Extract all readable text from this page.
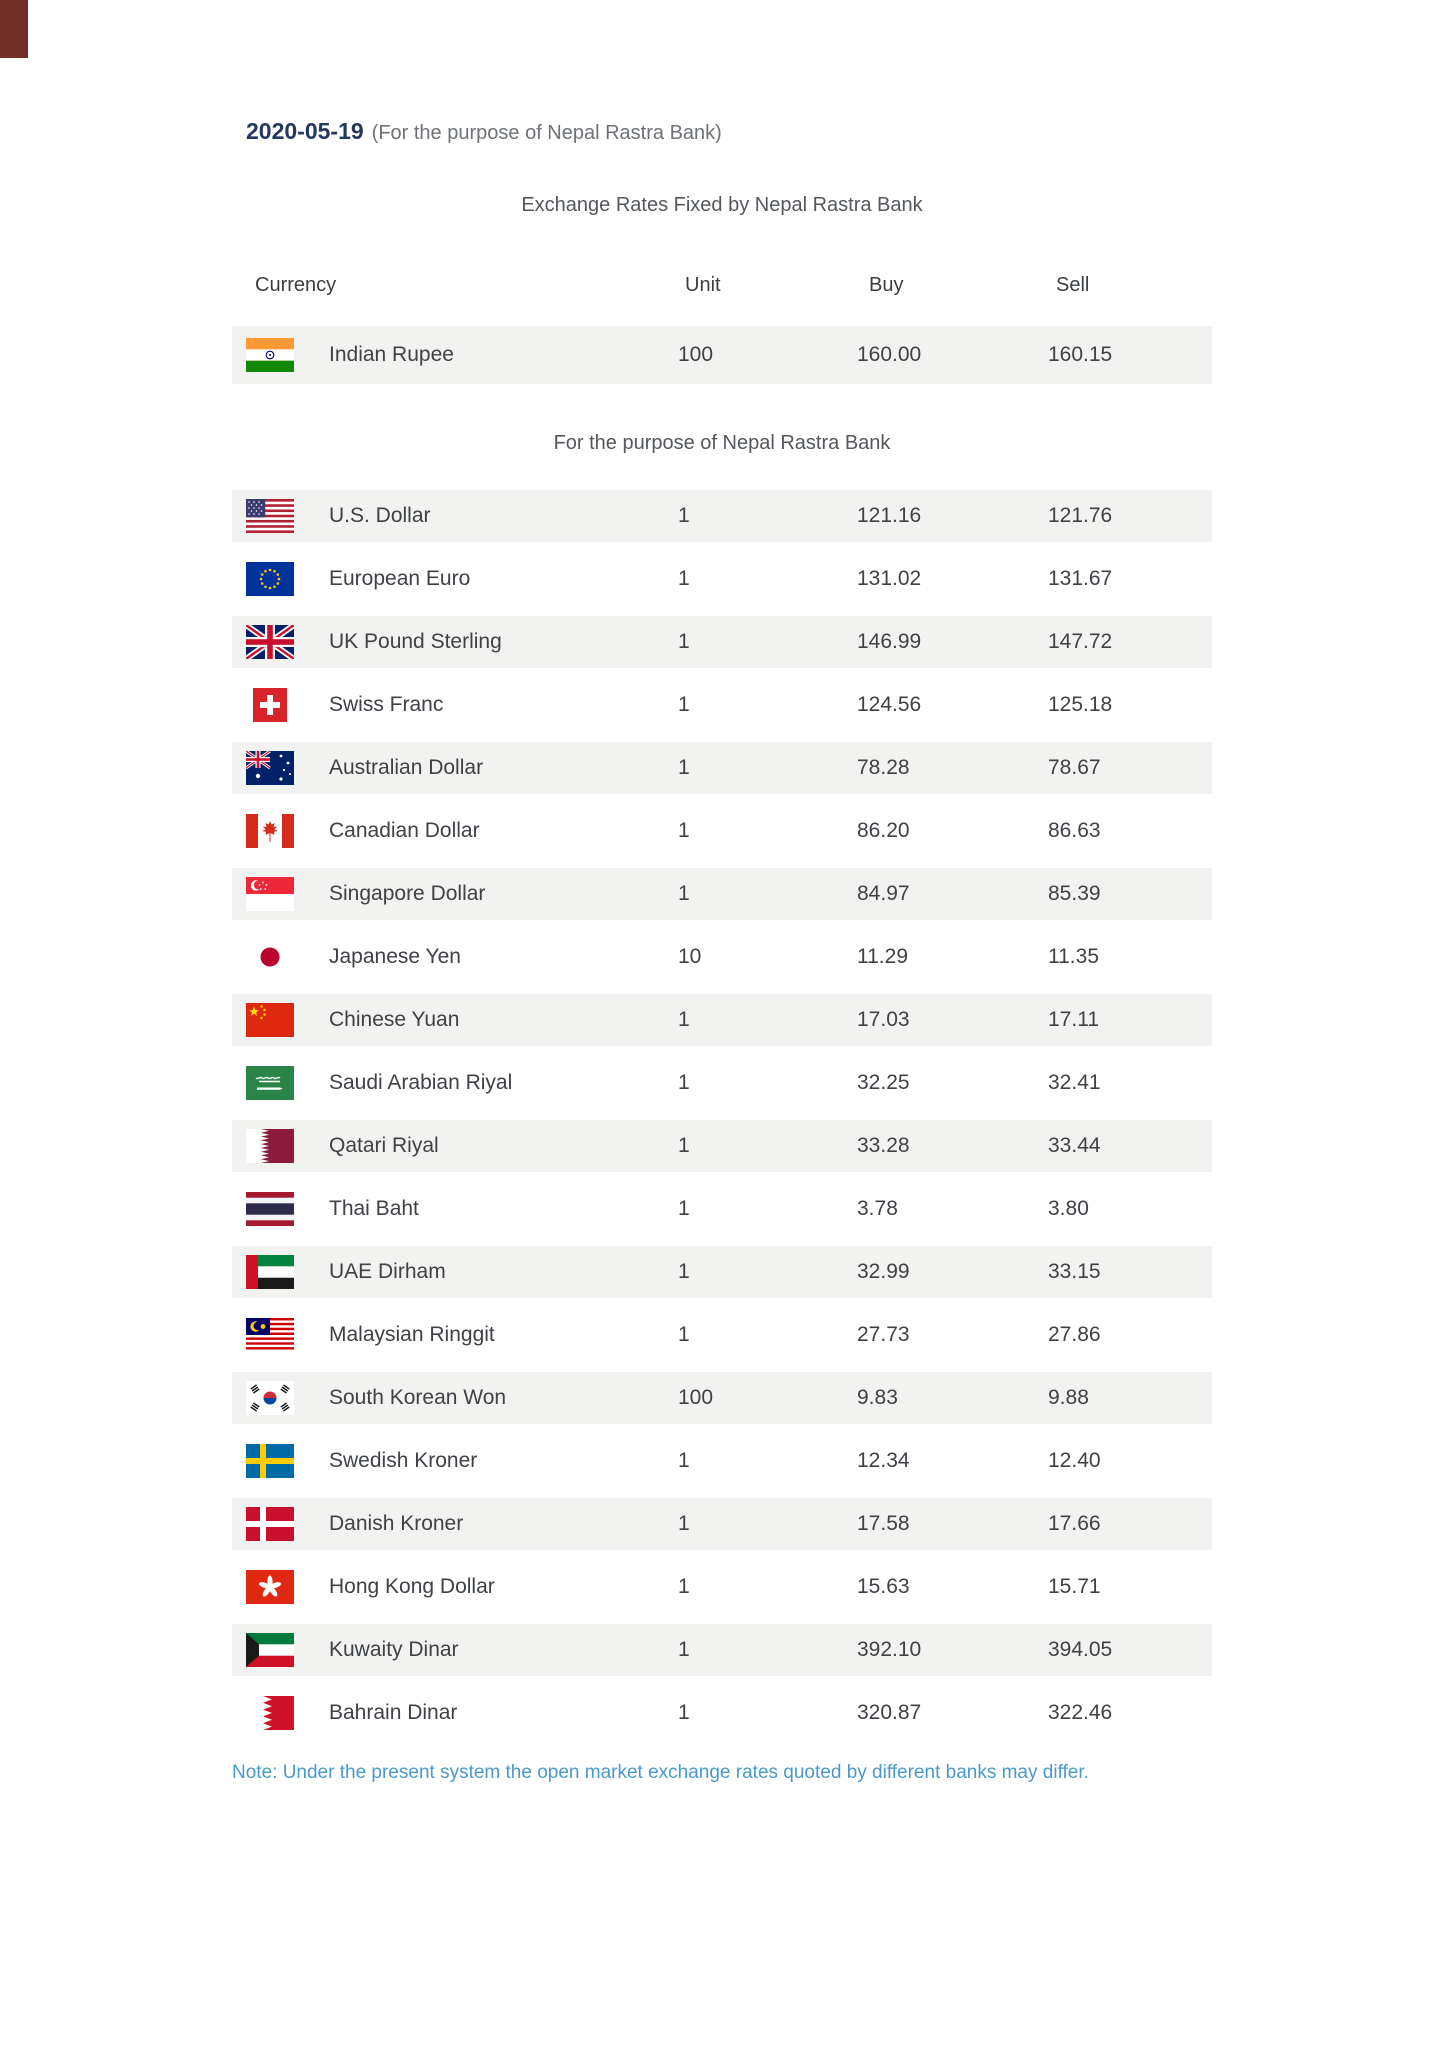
2020-05-19 (For the purpose of Nepal Rastra Bank)
Exchange Rates Fixed by Nepal Rastra Bank
Currency	Unit	Buy	Sell
Indian Rupee	100	160.00	160.15
For the purpose of Nepal Rastra Bank
U.S. Dollar	1	121.16	121.76
European Euro	1	131.02	131.67
UK Pound Sterling	1	146.99	147.72
Swiss Franc	1	124.56	125.18
Australian Dollar	1	78.28	78.67
Canadian Dollar	1	86.20	86.63
Singapore Dollar	1	84.97	85.39
Japanese Yen	10	11.29	11.35
Chinese Yuan	1	17.03	17.11
Saudi Arabian Riyal	1	32.25	32.41
Qatari Riyal	1	33.28	33.44
Thai Baht	1	3.78	3.80
UAE Dirham	1	32.99	33.15
Malaysian Ringgit	1	27.73	27.86
South Korean Won	100	9.83	9.88
Swedish Kroner	1	12.34	12.40
Danish Kroner	1	17.58	17.66
Hong Kong Dollar	1	15.63	15.71
Kuwaity Dinar	1	392.10	394.05
Bahrain Dinar	1	320.87	322.46
Note: Under the present system the open market exchange rates quoted by different banks may differ.
